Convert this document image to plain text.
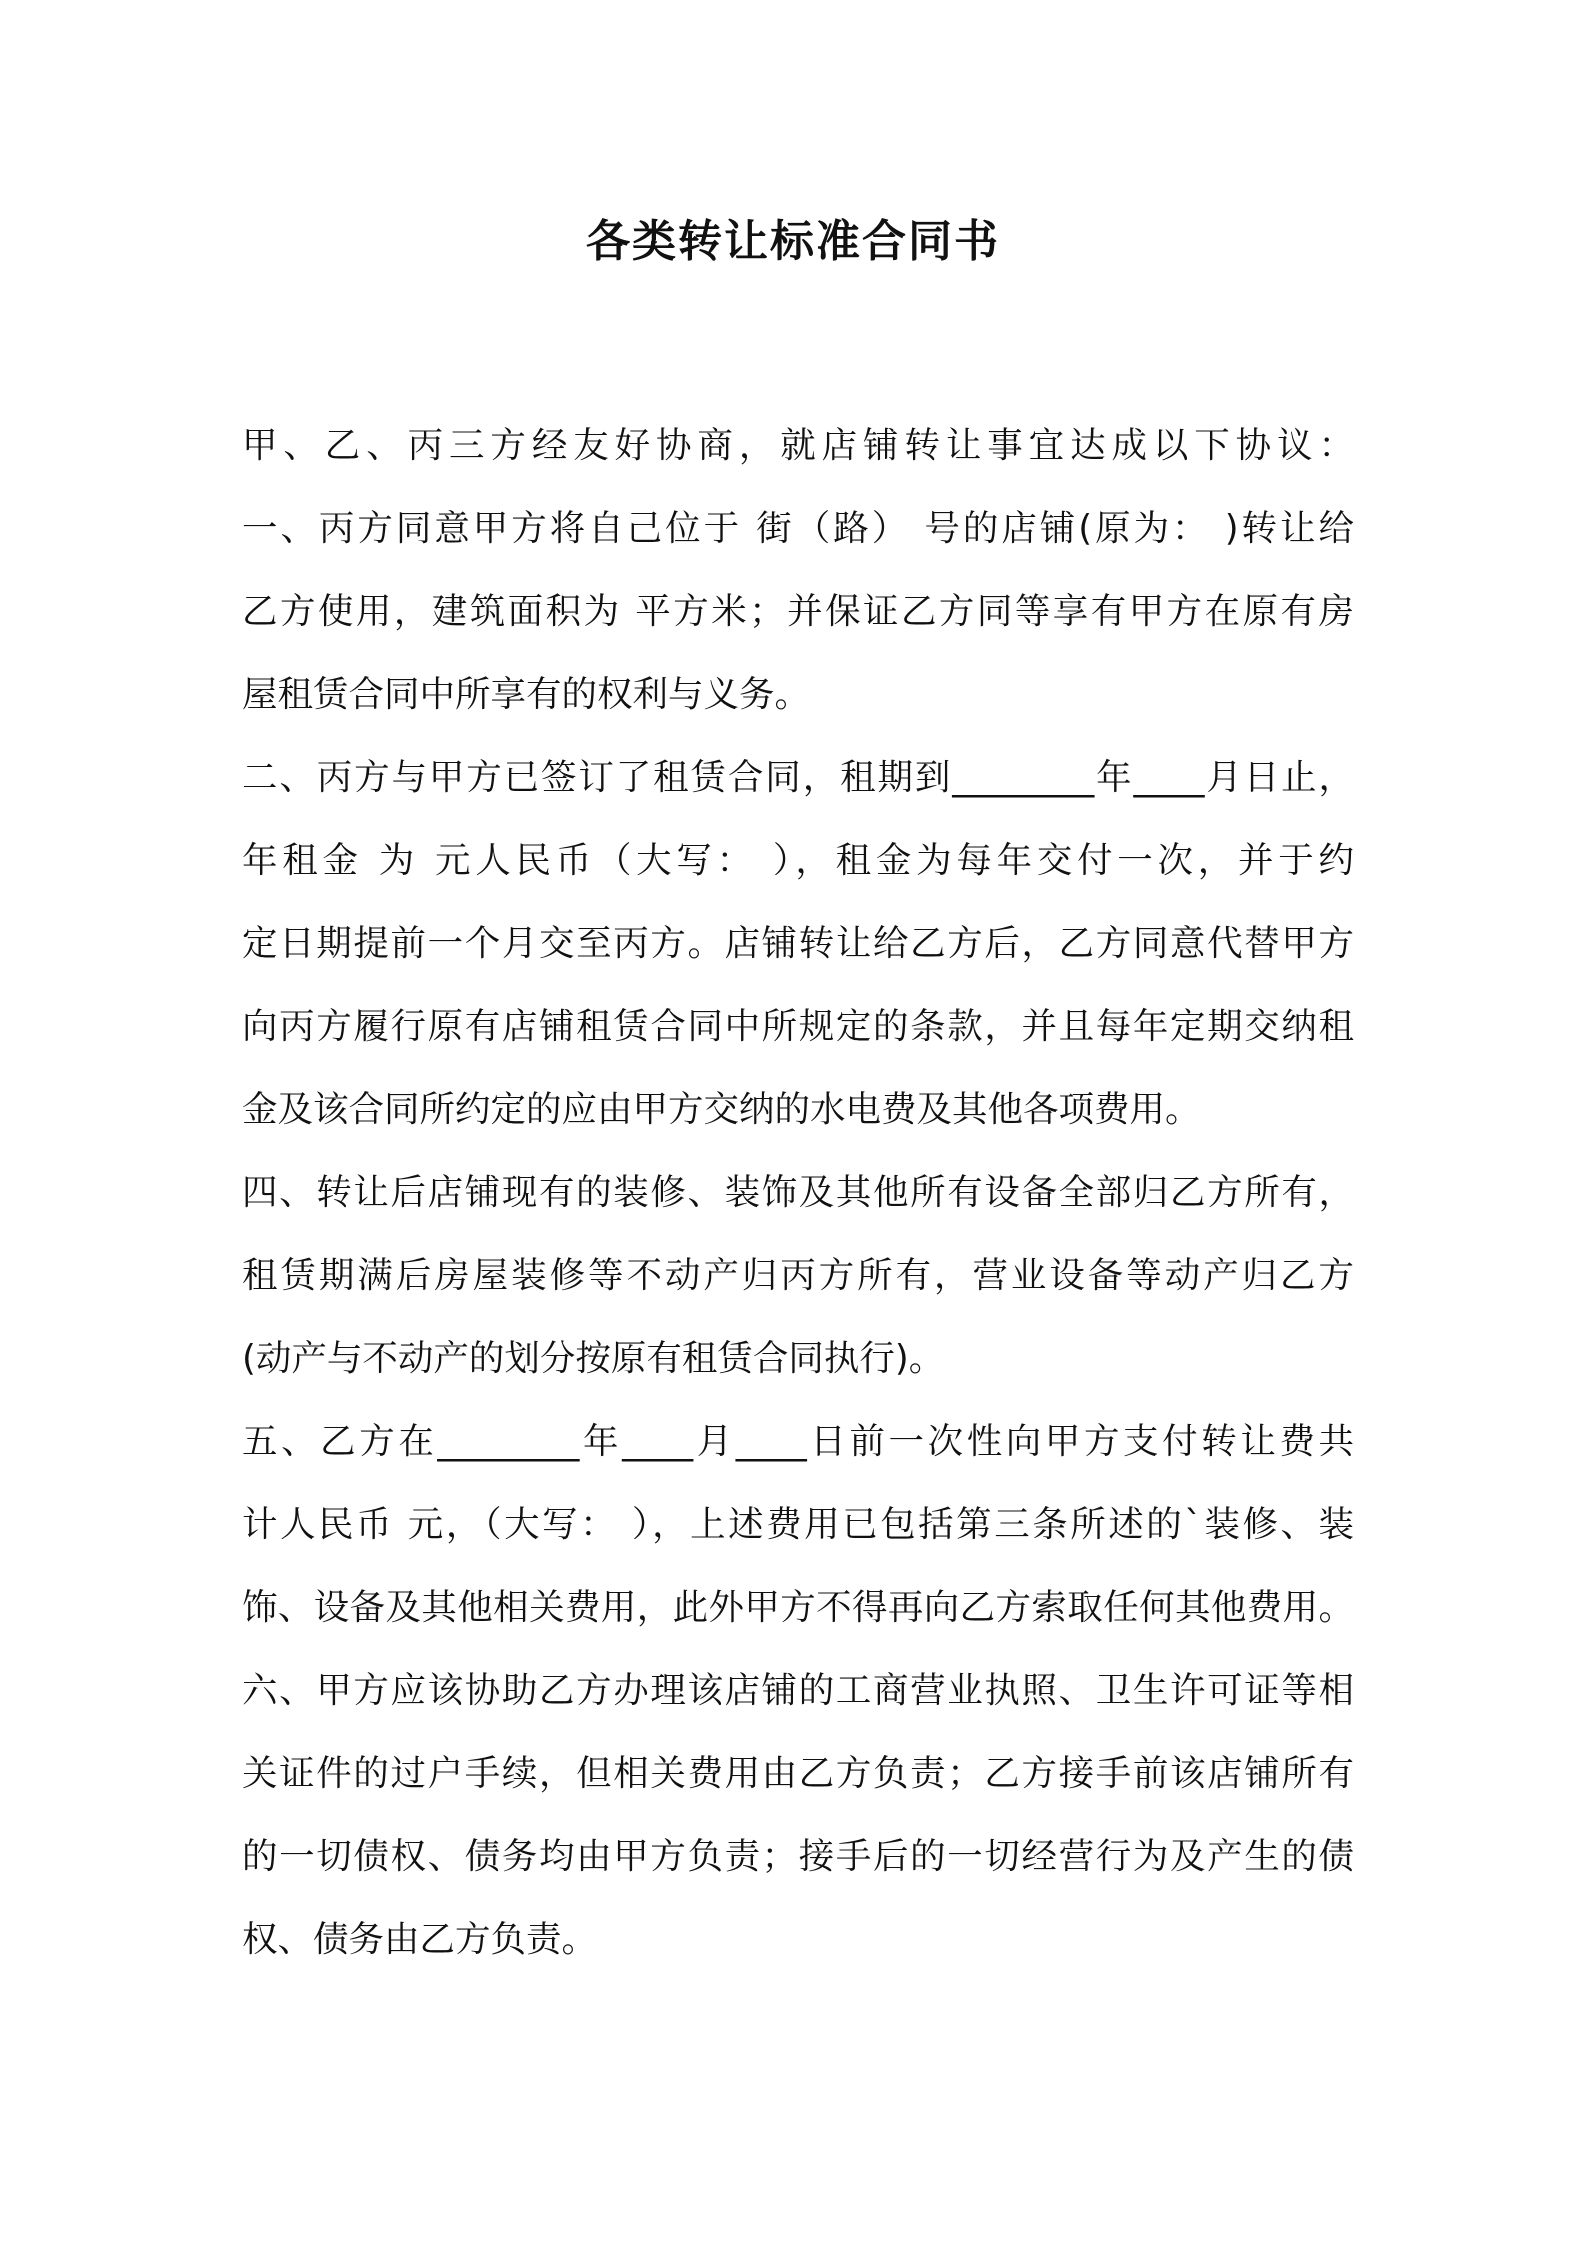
各类转让标准合同书
甲、乙、丙三方经友好协商，就店铺转让事宜达成以下协议：
一、丙方同意甲方将自己位于 街（路） 号的店铺(原为： )转让给
乙方使用，建筑面积为 平方米；并保证乙方同等享有甲方在原有房
屋租赁合同中所享有的权利与义务。
二、丙方与甲方已签订了租赁合同，租期到________年____月日止，
年租金 为 元人民币（大写： ），租金为每年交付一次，并于约
定日期提前一个月交至丙方。店铺转让给乙方后，乙方同意代替甲方
向丙方履行原有店铺租赁合同中所规定的条款，并且每年定期交纳租
金及该合同所约定的应由甲方交纳的水电费及其他各项费用。
四、转让后店铺现有的装修、装饰及其他所有设备全部归乙方所有，
租赁期满后房屋装修等不动产归丙方所有，营业设备等动产归乙方
(动产与不动产的划分按原有租赁合同执行)。
五、乙方在________年____月____日前一次性向甲方支付转让费共
计人民币 元，（大写： ），上述费用已包括第三条所述的`装修、装
饰、设备及其他相关费用，此外甲方不得再向乙方索取任何其他费用。
六、甲方应该协助乙方办理该店铺的工商营业执照、卫生许可证等相
关证件的过户手续，但相关费用由乙方负责；乙方接手前该店铺所有
的一切债权、债务均由甲方负责；接手后的一切经营行为及产生的债
权、债务由乙方负责。
